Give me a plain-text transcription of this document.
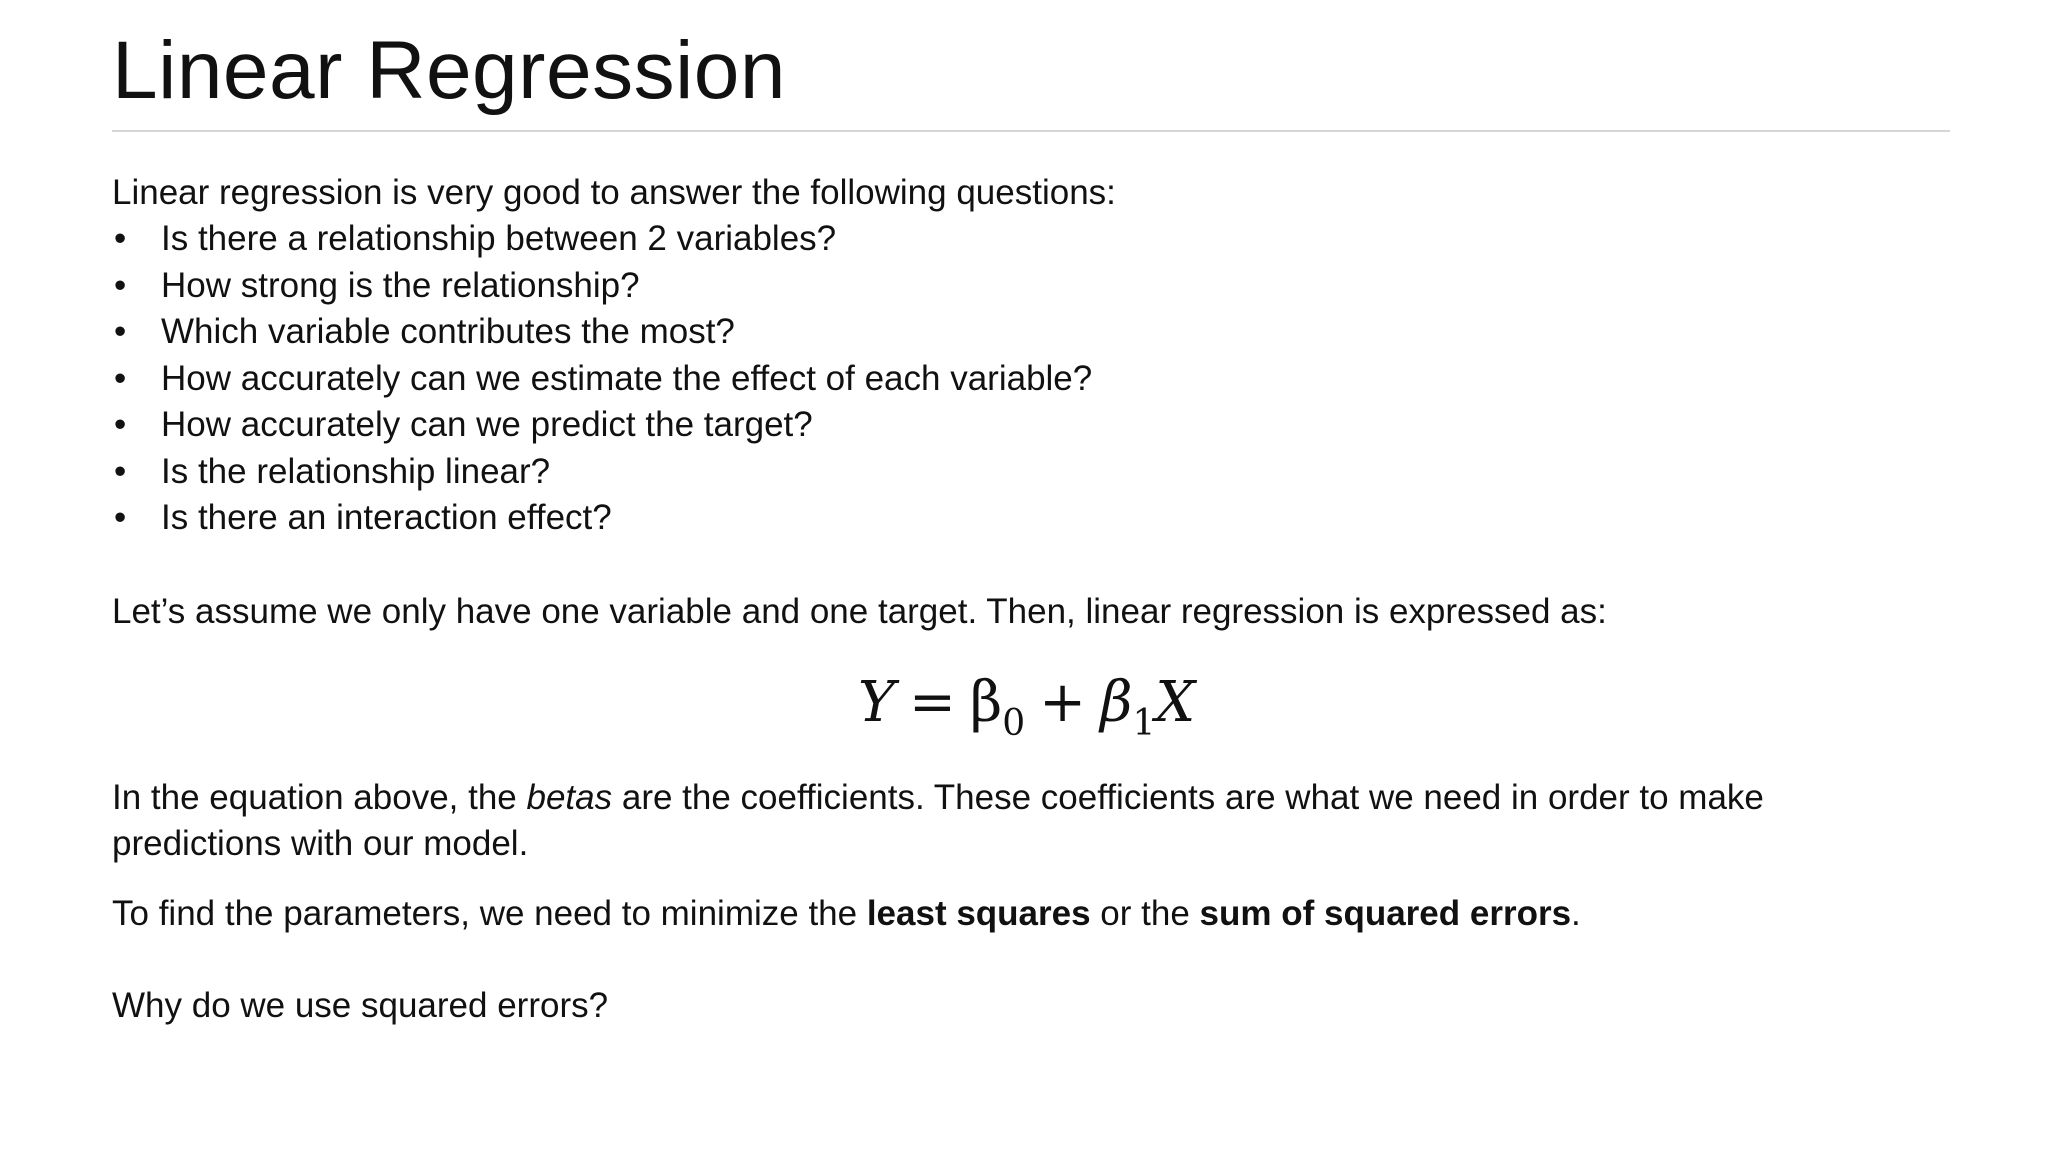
Linear Regression
Linear regression is very good to answer the following questions:
• Is there a relationship between 2 variables?
• How strong is the relationship?
• Which variable contributes the most?
• How accurately can we estimate the effect of each variable?
• How accurately can we predict the target?
• Is the relationship linear?
• Is there an interaction effect?
Let’s assume we only have one variable and one target. Then, linear regression is expressed as:
$Y = \beta_0 + \beta_1X$
In the equation above, the betas are the coefficients. These coefficients are what we need in order to make predictions with our model.
To find the parameters, we need to minimize the least squares or the sum of squared errors.
Why do we use squared errors?
